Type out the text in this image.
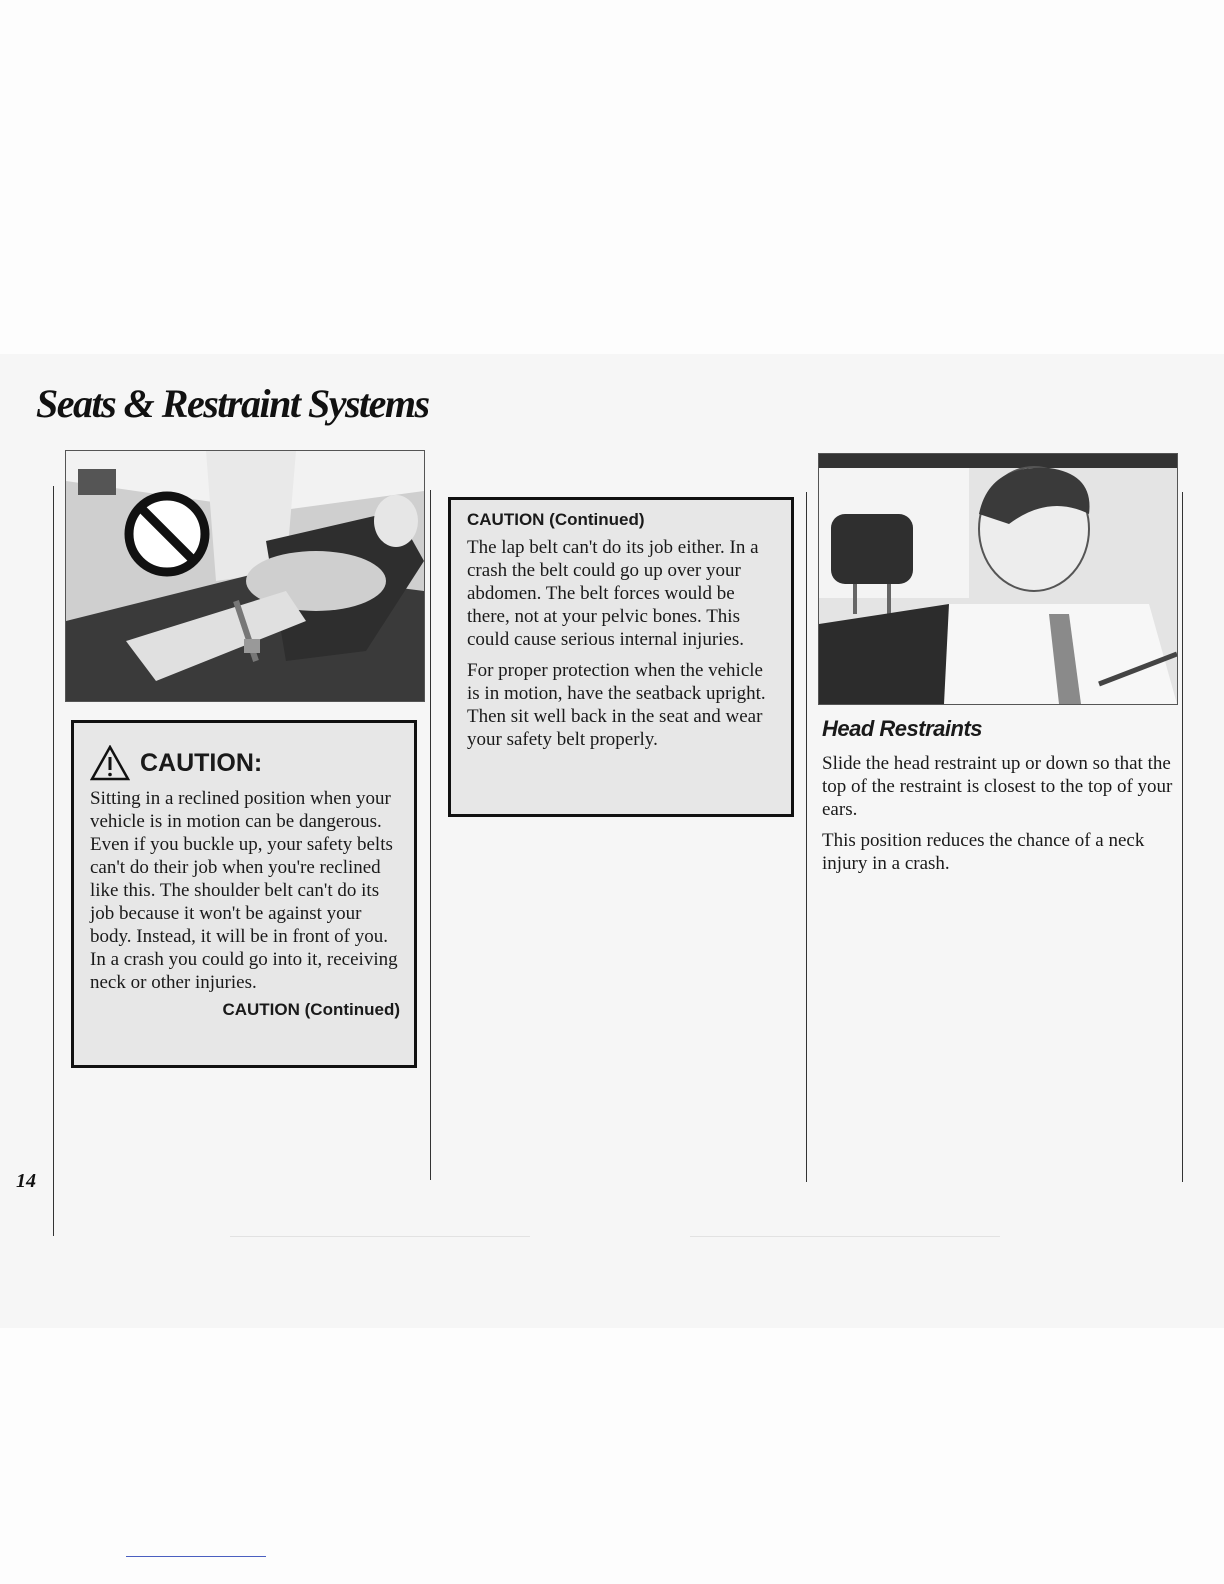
Seats & Restraint Systems
14
CAUTION:

Sitting in a reclined position when your vehicle is in motion can be dangerous. Even if you buckle up, your safety belts can't do their job when you're reclined like this. The shoulder belt can't do its job because it won't be against your body. Instead, it will be in front of you. In a crash you could go into it, receiving neck or other injuries.

CAUTION (Continued)
CAUTION (Continued)

The lap belt can't do its job either. In a crash the belt could go up over your abdomen. The belt forces would be there, not at your pelvic bones. This could cause serious internal injuries.

For proper protection when the vehicle is in motion, have the seatback upright. Then sit well back in the seat and wear your safety belt properly.	Head Restraints

Slide the head restraint up or down so that the top of the restraint is closest to the top of your ears.

This position reduces the chance of a neck injury in a crash.
